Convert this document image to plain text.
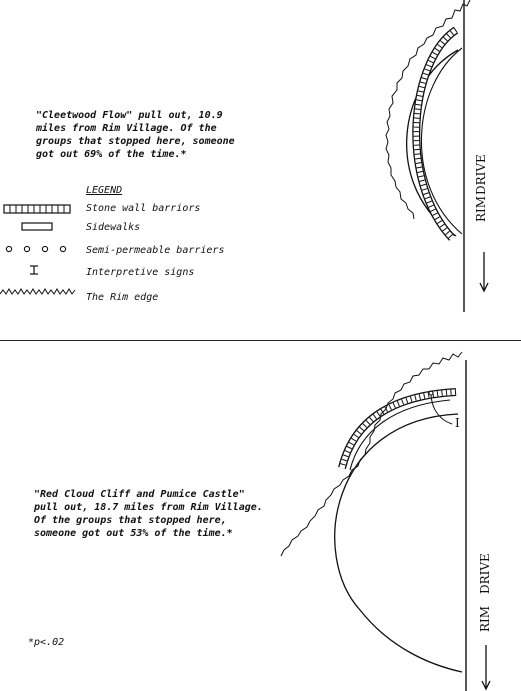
"Cleetwood Flow" pull out, 10.9
miles from Rim Village. Of the
groups that stopped here, someone
got out 69% of the time.*
LEGEND
Stone wall barriors
Sidewalks
Semi-permeable barriers
Interpretive signs
The Rim edge
RIM
DRIVE
"Red Cloud Cliff and Pumice Castle"
pull out, 18.7 miles from Rim Village.
Of the groups that stopped here,
someone got out 53% of the time.*
I
RIM
DRIVE
*p<.02
